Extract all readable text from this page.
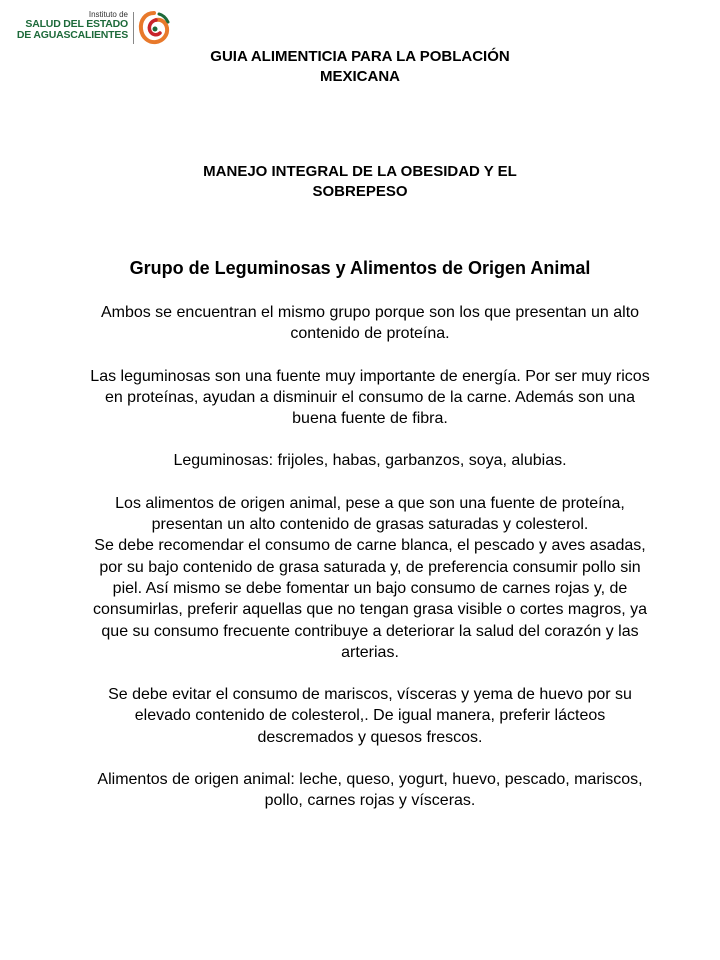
Instituto de
SALUD DEL ESTADO
DE AGUASCALIENTES
GUIA ALIMENTICIA PARA LA POBLACIÓN
MEXICANA
MANEJO INTEGRAL DE LA OBESIDAD Y EL
SOBREPESO
Grupo de Leguminosas y Alimentos de Origen Animal

Ambos se encuentran el mismo grupo porque son los que presentan un alto contenido de proteína.

Las leguminosas son una fuente muy importante de energía. Por ser muy ricos en proteínas, ayudan a disminuir el consumo de la carne. Además son una buena fuente de fibra.

Leguminosas: frijoles, habas, garbanzos, soya, alubias.

Los alimentos de origen animal, pese a que son una fuente de proteína, presentan un alto contenido de grasas saturadas y colesterol.

Se debe recomendar el consumo de carne blanca, el pescado y aves asadas, por su bajo contenido de grasa saturada y, de preferencia consumir pollo sin piel. Así mismo se debe fomentar un bajo consumo de carnes rojas y, de consumirlas, preferir aquellas que no tengan grasa visible o cortes magros, ya que su consumo frecuente contribuye a deteriorar la salud del corazón y las arterias.

Se debe evitar el consumo de mariscos, vísceras y yema de huevo por su elevado contenido de colesterol,. De igual manera, preferir lácteos descremados y quesos frescos.

Alimentos de origen animal: leche, queso, yogurt, huevo, pescado, mariscos, pollo, carnes rojas y vísceras.
